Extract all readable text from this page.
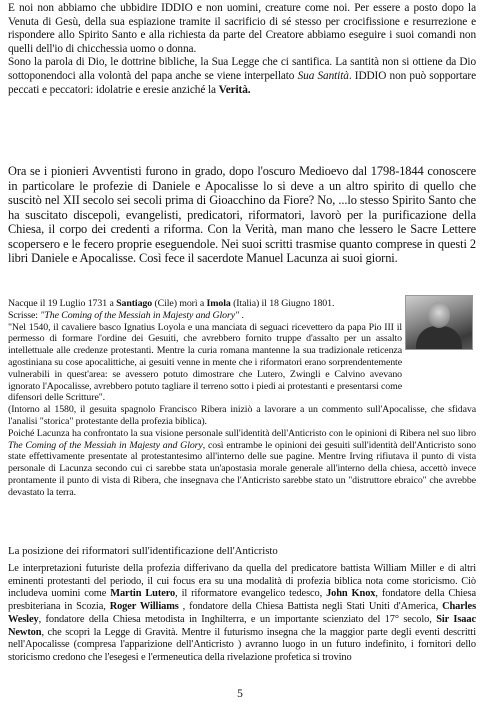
E noi non abbiamo che ubbidire IDDIO e non uomini, creature come noi. Per essere a posto dopo la Venuta di Gesù, della sua espiazione tramite il sacrificio di sé stesso per crocifissione e resurrezione e rispondere allo Spirito Santo e alla richiesta da parte del Creatore abbiamo eseguire i suoi comandi non quelli dell'io di chicchessia uomo o donna.
Sono la parola di Dio, le dottrine bibliche, la Sua Legge che ci santifica. La santità non si ottiene da Dio sottoponendoci alla volontà del papa anche se viene interpellato Sua Santità. IDDIO non può sopportare peccati e peccatori: idolatrie e eresie anziché la Verità.

Ora se i pionieri Avventisti furono in grado, dopo l'oscuro Medioevo dal 1798-1844 conoscere in particolare le profezie di Daniele e Apocalisse lo si deve a un altro spirito di quello che suscitò nel XII secolo sei secoli prima di Gioacchino da Fiore? No, ...lo stesso Spirito Santo che ha suscitato discepoli, evangelisti, predicatori, riformatori, lavorò per la purificazione della Chiesa, il corpo dei credenti a riforma. Con la Verità, man mano che lessero le Sacre Lettere scopersero e le fecero proprie eseguendole. Nei suoi scritti trasmise quanto comprese in questi 2 libri Daniele e Apocalisse. Così fece il sacerdote Manuel Lacunza ai suoi giorni.

Nacque il 19 Luglio 1731 a Santiago (Cile) morì a Imola (Italia) il 18 Giugno 1801.
Scrisse: "The Coming of the Messiah in Majesty and Glory" .
"Nel 1540, il cavaliere basco Ignatius Loyola e una manciata di seguaci ricevettero da papa Pio III il permesso di formare l'ordine dei Gesuiti, che avrebbero fornito truppe d'assalto per un assalto intellettuale alle credenze protestanti. Mentre la curia romana mantenne la sua tradizionale reticenza agostiniana su cose apocalittiche, ai gesuiti venne in mente che i riformatori erano sorprendentemente vulnerabili in quest'area: se avessero potuto dimostrare che Lutero, Zwingli e Calvino avevano ignorato l'Apocalisse, avrebbero potuto tagliare il terreno sotto i piedi ai protestanti e presentarsi come difensori delle Scritture".

(Intorno al 1580, il gesuita spagnolo Francisco Ribera iniziò a lavorare a un commento sull'Apocalisse, che sfidava l'analisi "storica" protestante della profezia biblica).

Poiché Lacunza ha confrontato la sua visione personale sull'identità dell'Anticristo con le opinioni di Ribera nel suo libro The Coming of the Messiah in Majesty and Glory, così entrambe le opinioni dei gesuiti sull'identità dell'Anticristo sono state effettivamente presentate al protestantesimo all'interno delle sue pagine. Mentre Irving rifiutava il punto di vista personale di Lacunza secondo cui ci sarebbe stata un'apostasia morale generale all'interno della chiesa, accettò invece prontamente il punto di vista di Ribera, che insegnava che l'Anticristo sarebbe stato un "distruttore ebraico" che avrebbe devastato la terra.

La posizione dei riformatori sull'identificazione dell'Anticristo

Le interpretazioni futuriste della profezia differivano da quella del predicatore battista William Miller e di altri eminenti protestanti del periodo, il cui focus era su una modalità di profezia biblica nota come storicismo. Ciò includeva uomini come Martin Lutero, il riformatore evangelico tedesco, John Knox, fondatore della Chiesa presbiteriana in Scozia, Roger Williams , fondatore della Chiesa Battista negli Stati Uniti d'America, Charles Wesley, fondatore della Chiesa metodista in Inghilterra, e un importante scienziato del 17° secolo, Sir Isaac Newton, che scoprì la Legge di Gravità. Mentre il futurismo insegna che la maggior parte degli eventi descritti nell'Apocalisse (compresa l'apparizione dell'Anticristo ) avranno luogo in un futuro indefinito, i fornitori dello storicismo credono che l'esegesi e l'ermeneutica della rivelazione profetica si trovino

5
